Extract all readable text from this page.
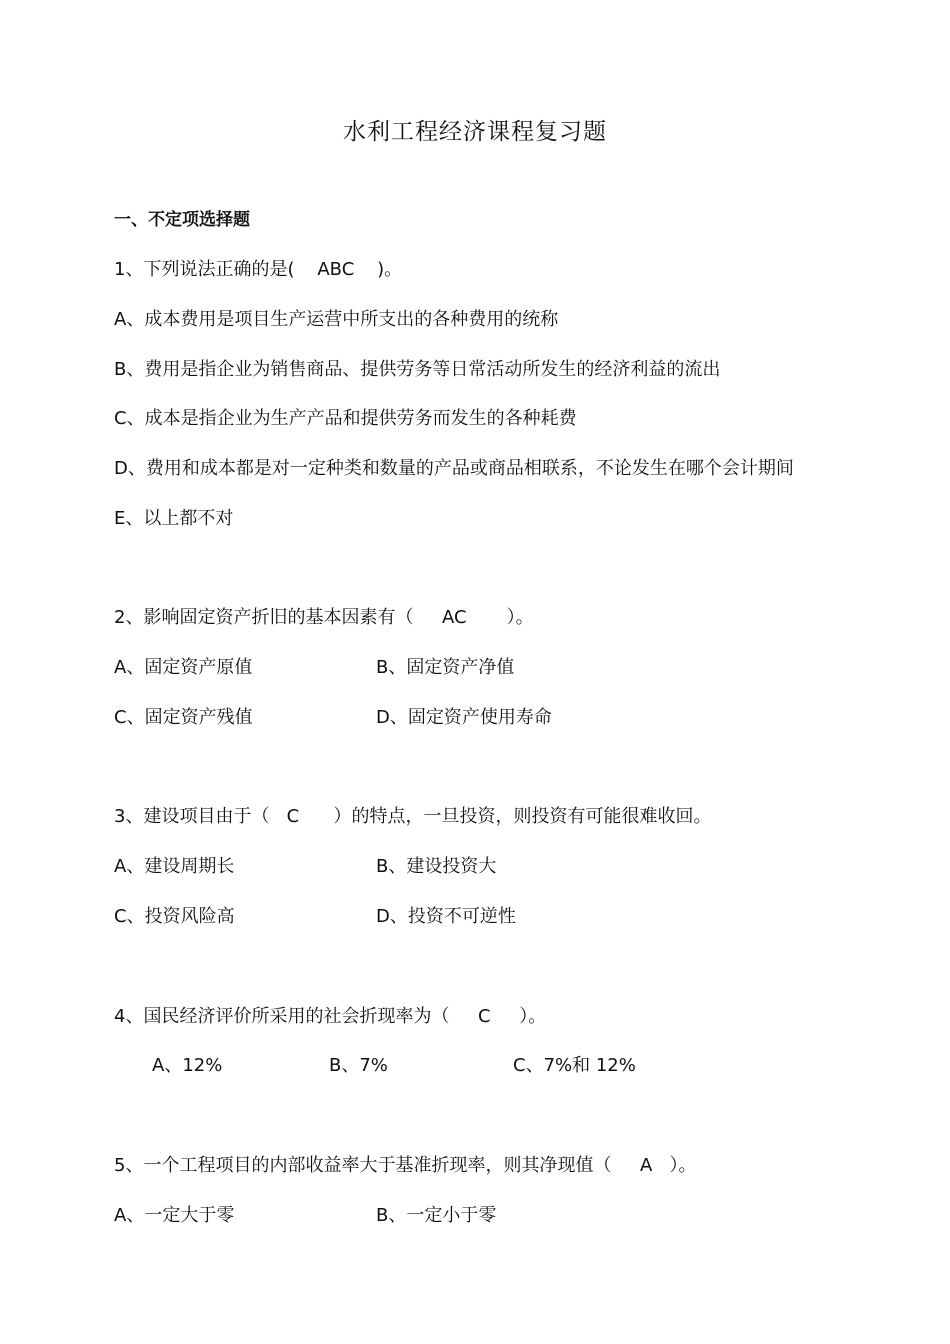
水利工程经济课程复习题
一、不定项选择题
1、下列说法正确的是(    ABC    )。
A、成本费用是项目生产运营中所支出的各种费用的统称
B、费用是指企业为销售商品、提供劳务等日常活动所发生的经济利益的流出
C、成本是指企业为生产产品和提供劳务而发生的各种耗费
D、费用和成本都是对一定种类和数量的产品或商品相联系，不论发生在哪个会计期间
E、以上都不对
2、影响固定资产折旧的基本因素有（     AC       ）。
A、固定资产原值	B、固定资产净值
C、固定资产残值	D、固定资产使用寿命
3、建设项目由于（   C      ）的特点，一旦投资，则投资有可能很难收回。
A、建设周期长	B、建设投资大
C、投资风险高	D、投资不可逆性
4、国民经济评价所采用的社会折现率为（     C     ）。
A、12%	B、7%	C、7%和 12%
5、一个工程项目的内部收益率大于基准折现率，则其净现值（     A   ）。
A、一定大于零	B、一定小于零
